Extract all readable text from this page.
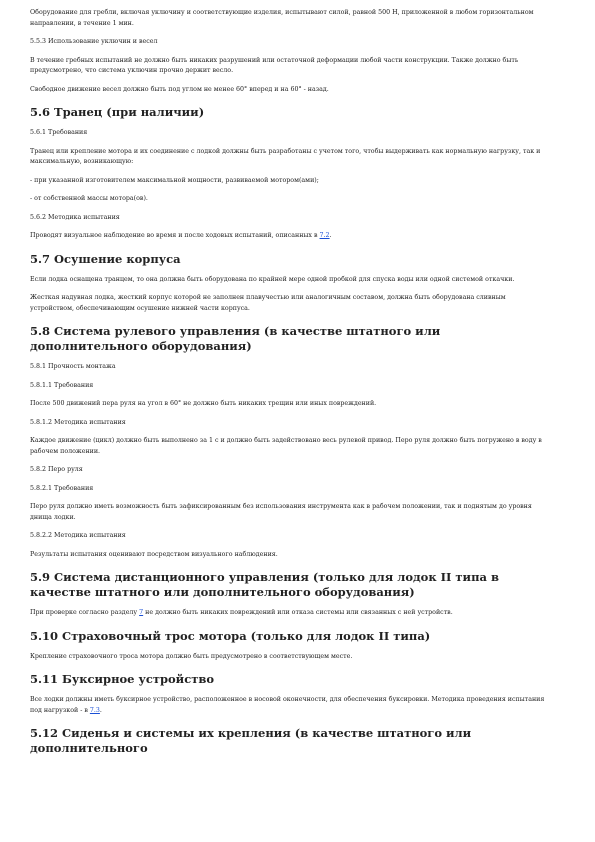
Оборудование для гребли, включая уключину и соответствующие изделия, испытывают силой, равной 500 Н, приложенной в любом горизонтальном направлении, в течение 1 мин.

5.5.3 Использование уключин и весел

В течение гребных испытаний не должно быть никаких разрушений или остаточной деформации любой части конструкции. Также должно быть предусмотрено, что система уключин прочно держит весло.

Свободное движение весел должно быть под углом не менее 60° вперед и на 60° - назад.

5.6 Транец (при наличии)
5.6.1 Требования

Транец или крепление мотора и их соединение с лодкой должны быть разработаны с учетом того, чтобы выдерживать как нормальную нагрузку, так и максимальную, возникающую:

- при указанной изготовителем максимальной мощности, развиваемой мотором(ами);

- от собственной массы мотора(ов).

5.6.2 Методика испытания

Проводят визуальное наблюдение во время и после ходовых испытаний, описанных в 7.2.

5.7 Осушение корпуса

Если лодка оснащена транцем, то она должна быть оборудована по крайней мере одной пробкой для спуска воды или одной системой откачки.

Жесткая надувная лодка, жесткий корпус которой не заполнен плавучестью или аналогичным составом, должна быть оборудована сливным устройством, обеспечивающим осушение нижней части корпуса.

5.8 Система рулевого управления (в качестве штатного или дополнительного оборудования)
5.8.1 Прочность монтажа
5.8.1.1 Требования

После 500 движений пера руля на угол в 60° не должно быть никаких трещин или иных повреждений.

5.8.1.2 Методика испытания

Каждое движение (цикл) должно быть выполнено за 1 с и должно быть задействовано весь рулевой привод. Перо руля должно быть погружено в воду в рабочем положении.

5.8.2 Перо руля
5.8.2.1 Требования

Перо руля должно иметь возможность быть зафиксированным без использования инструмента как в рабочем положении, так и поднятым до уровня днища лодки.

5.8.2.2 Методика испытания

Результаты испытания оценивают посредством визуального наблюдения.

5.9 Система дистанционного управления (только для лодок II типа в качестве штатного или дополнительного оборудования)

При проверке согласно разделу 7 не должно быть никаких повреждений или отказа системы или связанных с ней устройств.

5.10 Страховочный трос мотора (только для лодок II типа)

Крепление страховочного троса мотора должно быть предусмотрено в соответствующем месте.

5.11 Буксирное устройство

Все лодки должны иметь буксирное устройство, расположенное в носовой оконечности, для обеспечения буксировки. Методика проведения испытания под нагрузкой - в 7.3.

5.12 Сиденья и системы их крепления (в качестве штатного или дополнительного
